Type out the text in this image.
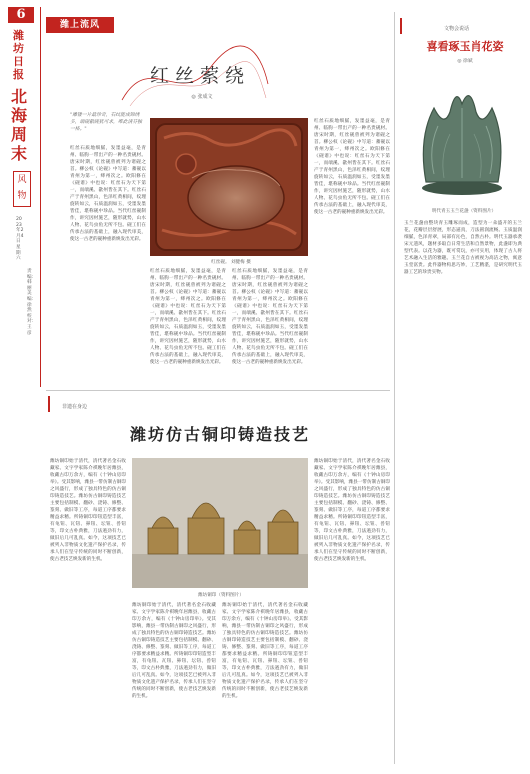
6
潍坊日报
北海周末
风物
2023年2月4日 星期六
责编：韩丽 美编：徐然 校对：王彦
潍上流风
红丝萦绕
◎ 张成文
"雕镂一片最珍奇，石纹能成锦绣多，端砚歙砚犹可求，唯此清芬独一格。"
红丝石质地细腻，发墨益毫，是青州、临朐一带出产的一种名贵砚材。唐宋时期，红丝砚曾被列为诸砚之首。柳公权《论砚》中写道：蓄砚以青州为第一，绛州次之。欧阳修在《砚谱》中也说：红丝石为天下第一，而端溪、歙州皆在其下。红丝石产于青州黑山，色泽红黄相间，纹理旋转如云，石质温润如玉，受墨发墨皆佳，堪称砚中珍品。当代红丝砚制作，讲究因材施艺，随形就势，山水人物、花鸟虫鱼无所不包。砚工们在传承古法的基础上，融入现代审美，使这一古老的砚种重新焕发出光彩。
红丝砚。 刘健梅 摄
红丝石质地细腻，发墨益毫，是青州、临朐一带出产的一种名贵砚材。唐宋时期，红丝砚曾被列为诸砚之首。柳公权《论砚》中写道：蓄砚以青州为第一，绛州次之。欧阳修在《砚谱》中也说：红丝石为天下第一，而端溪、歙州皆在其下。红丝石产于青州黑山，色泽红黄相间，纹理旋转如云，石质温润如玉，受墨发墨皆佳，堪称砚中珍品。当代红丝砚制作，讲究因材施艺，随形就势，山水人物、花鸟虫鱼无所不包。砚工们在传承古法的基础上，融入现代审美，使这一古老的砚种重新焕发出光彩。
红丝石质地细腻，发墨益毫，是青州、临朐一带出产的一种名贵砚材。唐宋时期，红丝砚曾被列为诸砚之首。柳公权《论砚》中写道：蓄砚以青州为第一，绛州次之。欧阳修在《砚谱》中也说：红丝石为天下第一，而端溪、歙州皆在其下。红丝石产于青州黑山，色泽红黄相间，纹理旋转如云，石质温润如玉，受墨发墨皆佳，堪称砚中珍品。当代红丝砚制作，讲究因材施艺，随形就势，山水人物、花鸟虫鱼无所不包。砚工们在传承古法的基础上，融入现代审美，使这一古老的砚种重新焕发出光彩。
红丝石质地细腻，发墨益毫，是青州、临朐一带出产的一种名贵砚材。唐宋时期，红丝砚曾被列为诸砚之首。柳公权《论砚》中写道：蓄砚以青州为第一，绛州次之。欧阳修在《砚谱》中也说：红丝石为天下第一，而端溪、歙州皆在其下。红丝石产于青州黑山，色泽红黄相间，纹理旋转如云，石质温润如玉，受墨发墨皆佳，堪称砚中珍品。当代红丝砚制作，讲究因材施艺，随形就势，山水人物、花鸟虫鱼无所不包。砚工们在传承古法的基础上，融入现代审美，使这一古老的砚种重新焕发出光彩。
文物会说话
喜看琢玉肖花姿
◎ 徐斌
明代青玉玉兰花盏（资料图片）
玉兰花盏由整块青玉雕琢而成，造型为一朵盛开的玉兰花，花瓣层层舒展，形态逼真，刀法圆润流畅。玉质温润细腻，色泽青翠，局部有沁色，自然古朴。明代玉器承袭宋元遗风，题材多取自日常生活和自然景物，此盏即为典型代表。以花为器，既可赏玩，亦可实用，体现了古人将艺术融入生活的雅趣。玉兰花自古被视为高洁之物，寓意玉堂富贵。此件器物构思巧妙，工艺精湛，是研究明代玉器工艺的珍贵实物。
非遗在身边
潍坊仿古铜印铸造技艺
潍坊铜印始于清代，清代著名金石收藏家、文字学家陈介祺晚年居潍县，收藏古印万余方，编有《十钟山房印举》。受其影响，潍县一带仿制古铜印之风盛行，形成了独具特色的仿古铜印铸造技艺。潍坊仿古铜印铸造技艺主要包括制模、翻砂、浇铸、修整、篆刻、做旧等工序，每道工序都要求精益求精。所铸铜印印钮造型丰富，有龟钮、瓦钮、鼻钮、坛钮、兽钮等，印文古朴典雅，刀法遒劲有力，做旧后几可乱真。如今，这项技艺已被列入非物质文化遗产保护名录，传承人们在坚守传统的同时不断创新，使古老技艺焕发新的生机。
潍坊铜印（资料图片）
潍坊铜印始于清代，清代著名金石收藏家、文字学家陈介祺晚年居潍县，收藏古印万余方，编有《十钟山房印举》。受其影响，潍县一带仿制古铜印之风盛行，形成了独具特色的仿古铜印铸造技艺。潍坊仿古铜印铸造技艺主要包括制模、翻砂、浇铸、修整、篆刻、做旧等工序，每道工序都要求精益求精。所铸铜印印钮造型丰富，有龟钮、瓦钮、鼻钮、坛钮、兽钮等，印文古朴典雅，刀法遒劲有力，做旧后几可乱真。如今，这项技艺已被列入非物质文化遗产保护名录，传承人们在坚守传统的同时不断创新，使古老技艺焕发新的生机。
潍坊铜印始于清代，清代著名金石收藏家、文字学家陈介祺晚年居潍县，收藏古印万余方，编有《十钟山房印举》。受其影响，潍县一带仿制古铜印之风盛行，形成了独具特色的仿古铜印铸造技艺。潍坊仿古铜印铸造技艺主要包括制模、翻砂、浇铸、修整、篆刻、做旧等工序，每道工序都要求精益求精。所铸铜印印钮造型丰富，有龟钮、瓦钮、鼻钮、坛钮、兽钮等，印文古朴典雅，刀法遒劲有力，做旧后几可乱真。如今，这项技艺已被列入非物质文化遗产保护名录，传承人们在坚守传统的同时不断创新，使古老技艺焕发新的生机。
潍坊铜印始于清代，清代著名金石收藏家、文字学家陈介祺晚年居潍县，收藏古印万余方，编有《十钟山房印举》。受其影响，潍县一带仿制古铜印之风盛行，形成了独具特色的仿古铜印铸造技艺。潍坊仿古铜印铸造技艺主要包括制模、翻砂、浇铸、修整、篆刻、做旧等工序，每道工序都要求精益求精。所铸铜印印钮造型丰富，有龟钮、瓦钮、鼻钮、坛钮、兽钮等，印文古朴典雅，刀法遒劲有力，做旧后几可乱真。如今，这项技艺已被列入非物质文化遗产保护名录，传承人们在坚守传统的同时不断创新，使古老技艺焕发新的生机。
